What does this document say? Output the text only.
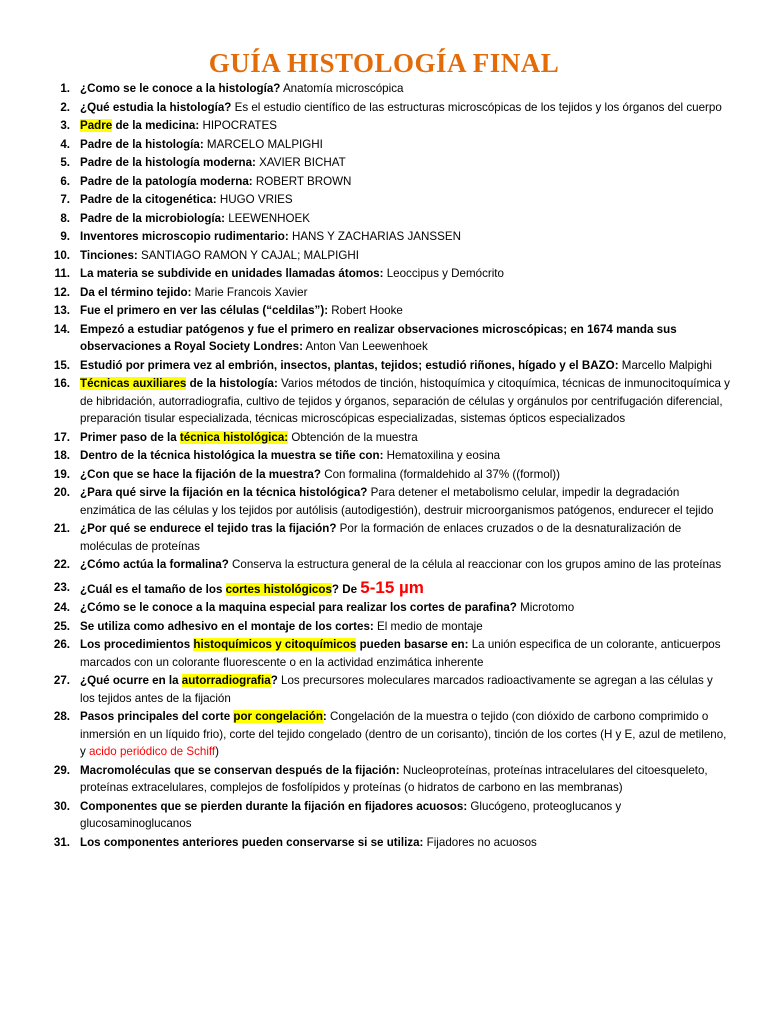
GUÍA HISTOLOGÍA FINAL
1. ¿Como se le conoce a la histología? Anatomía microscópica
2. ¿Qué estudia la histología? Es el estudio científico de las estructuras microscópicas de los tejidos y los órganos del cuerpo
3. Padre de la medicina: HIPOCRATES
4. Padre de la histología: MARCELO MALPIGHI
5. Padre de la histología moderna: XAVIER BICHAT
6. Padre de la patología moderna: ROBERT BROWN
7. Padre de la citogenética: HUGO VRIES
8. Padre de la microbiología: LEEWENHOEK
9. Inventores microscopio rudimentario: HANS Y ZACHARIAS JANSSEN
10. Tinciones: SANTIAGO RAMON Y CAJAL; MALPIGHI
11. La materia se subdivide en unidades llamadas átomos: Leoccipus y Demócrito
12. Da el término tejido: Marie Francois Xavier
13. Fue el primero en ver las células (“celdilas”): Robert Hooke
14. Empezó a estudiar patógenos y fue el primero en realizar observaciones microscópicas; en 1674 manda sus observaciones a Royal Society Londres: Anton Van Leewenhoek
15. Estudió por primera vez al embrión, insectos, plantas, tejidos; estudió riñones, hígado y el BAZO: Marcello Malpighi
16. Técnicas auxiliares de la histología: Varios métodos de tinción, histoquímica y citoquímica, técnicas de inmunocitoquímica y de hibridación, autorradiografia, cultivo de tejidos y órganos, separación de células y orgánulos por centrifugación diferencial, preparación tisular especializada, técnicas microscópicas especializadas, sistemas ópticos especializados
17. Primer paso de la técnica histológica: Obtención de la muestra
18. Dentro de la técnica histológica la muestra se tiñe con: Hematoxilina y eosina
19. ¿Con que se hace la fijación de la muestra? Con formalina (formaldehido al 37% ((formol))
20. ¿Para qué sirve la fijación en la técnica histológica? Para detener el metabolismo celular, impedir la degradación enzimática de las células y los tejidos por autólisis (autodigestión), destruir microorganismos patógenos, endurecer el tejido
21. ¿Por qué se endurece el tejido tras la fijación? Por la formación de enlaces cruzados o de la desnaturalización de moléculas de proteínas
22. ¿Cómo actúa la formalina? Conserva la estructura general de la célula al reaccionar con los grupos amino de las proteínas
23. ¿Cuál es el tamaño de los cortes histológicos? De 5-15 µm
24. ¿Cómo se le conoce a la maquina especial para realizar los cortes de parafina? Microtomo
25. Se utiliza como adhesivo en el montaje de los cortes: El medio de montaje
26. Los procedimientos histoquímicos y citoquímicos pueden basarse en: La unión especifica de un colorante, anticuerpos marcados con un colorante fluorescente o en la actividad enzimática inherente
27. ¿Qué ocurre en la autorradiografia? Los precursores moleculares marcados radioactivamente se agregan a las células y los tejidos antes de la fijación
28. Pasos principales del corte por congelación: Congelación de la muestra o tejido (con dióxido de carbono comprimido o inmersión en un líquido frio), corte del tejido congelado (dentro de un corisanto), tinción de los cortes (H y E, azul de metileno, y acido periódico de Schiff)
29. Macromoléculas que se conservan después de la fijación: Nucleoproteínas, proteínas intracelulares del citoesqueleto, proteínas extracelulares, complejos de fosfolípidos y proteínas (o hidratos de carbono en las membranas)
30. Componentes que se pierden durante la fijación en fijadores acuosos: Glucógeno, proteoglucanos y glucosaminoglucanos
31. Los componentes anteriores pueden conservarse si se utiliza: Fijadores no acuosos
